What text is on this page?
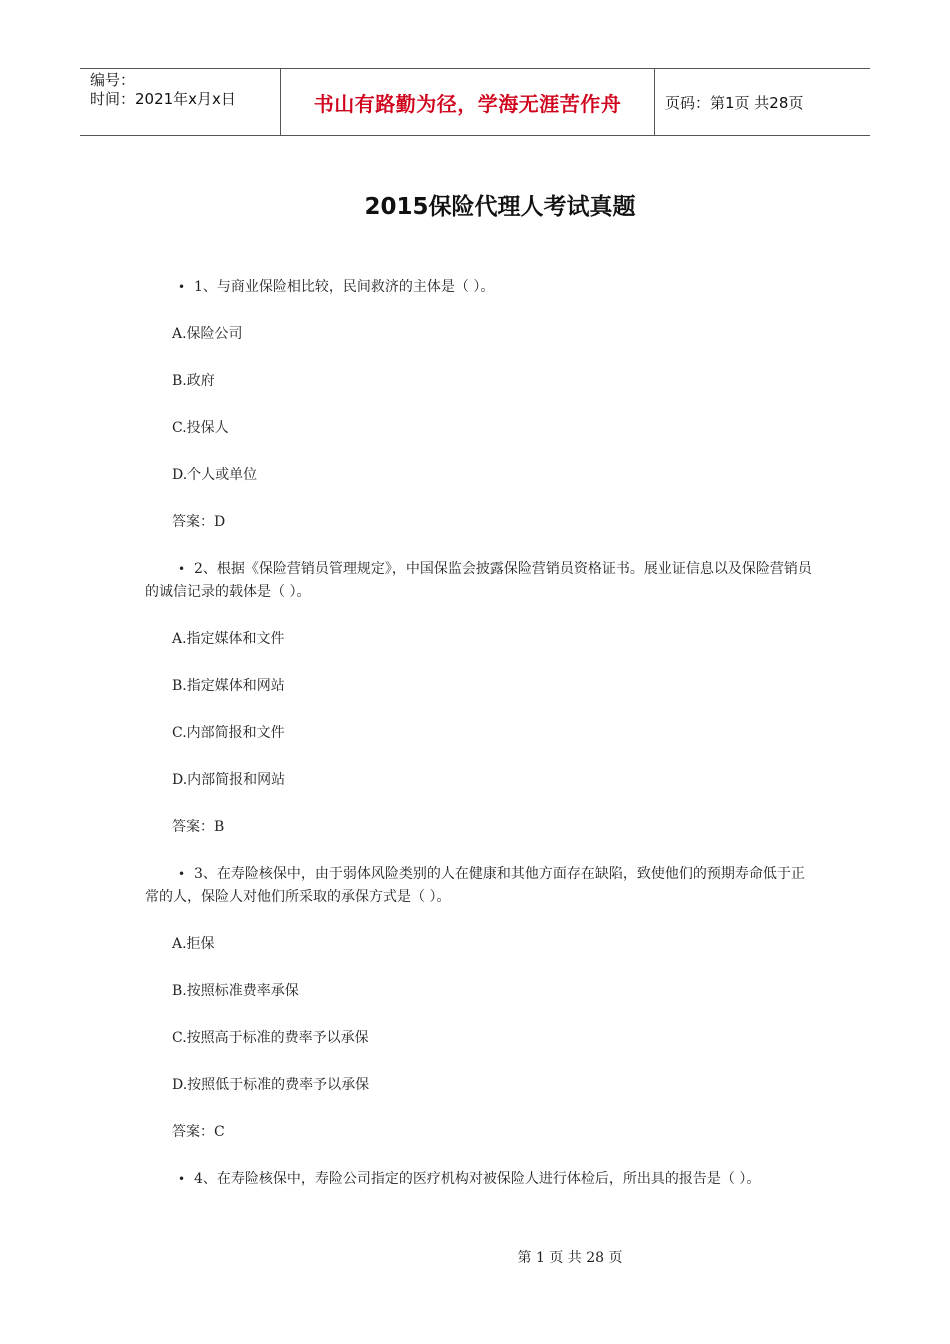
编号：
时间：2021年x月x日	书山有路勤为径，学海无涯苦作舟	页码：第1页 共28页
2015保险代理人考试真题

• 1、与商业保险相比较，民间救济的主体是（ ）。

A.保险公司

B.政府

C.投保人

D.个人或单位

答案：D

• 2、根据《保险营销员管理规定》，中国保监会披露保险营销员资格证书。展业证信息以及保险营销员的诚信记录的载体是（ ）。

A.指定媒体和文件

B.指定媒体和网站

C.内部简报和文件

D.内部简报和网站

答案：B

• 3、在寿险核保中，由于弱体风险类别的人在健康和其他方面存在缺陷，致使他们的预期寿命低于正常的人，保险人对他们所采取的承保方式是（ ）。

A.拒保

B.按照标准费率承保

C.按照高于标准的费率予以承保

D.按照低于标准的费率予以承保

答案：C

• 4、在寿险核保中，寿险公司指定的医疗机构对被保险人进行体检后，所出具的报告是（ ）。

第 1 页 共 28 页
